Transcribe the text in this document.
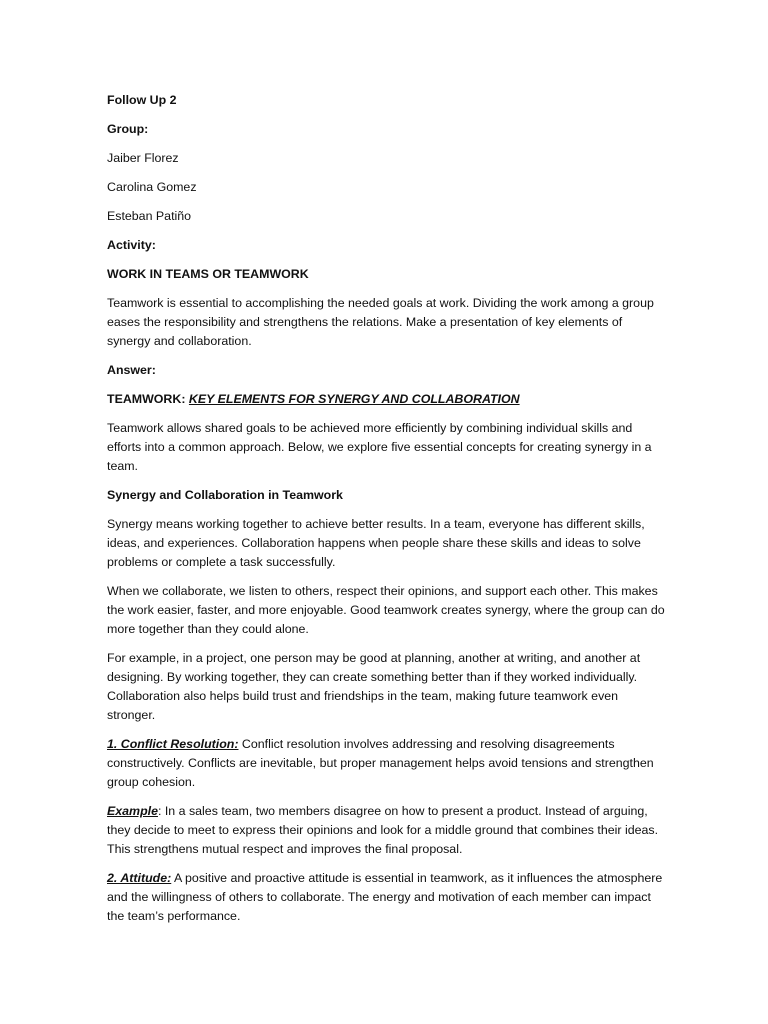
Follow Up 2

Group:

Jaiber Florez

Carolina Gomez

Esteban Patiño

Activity:

WORK IN TEAMS OR TEAMWORK

Teamwork is essential to accomplishing the needed goals at work. Dividing the work among a group eases the responsibility and strengthens the relations. Make a presentation of key elements of synergy and collaboration.

Answer:

TEAMWORK: KEY ELEMENTS FOR SYNERGY AND COLLABORATION

Teamwork allows shared goals to be achieved more efficiently by combining individual skills and efforts into a common approach. Below, we explore five essential concepts for creating synergy in a team.

Synergy and Collaboration in Teamwork

Synergy means working together to achieve better results. In a team, everyone has different skills, ideas, and experiences. Collaboration happens when people share these skills and ideas to solve problems or complete a task successfully.

When we collaborate, we listen to others, respect their opinions, and support each other. This makes the work easier, faster, and more enjoyable. Good teamwork creates synergy, where the group can do more together than they could alone.

For example, in a project, one person may be good at planning, another at writing, and another at designing. By working together, they can create something better than if they worked individually. Collaboration also helps build trust and friendships in the team, making future teamwork even stronger.

1. Conflict Resolution: Conflict resolution involves addressing and resolving disagreements constructively. Conflicts are inevitable, but proper management helps avoid tensions and strengthen group cohesion.

Example: In a sales team, two members disagree on how to present a product. Instead of arguing, they decide to meet to express their opinions and look for a middle ground that combines their ideas. This strengthens mutual respect and improves the final proposal.

2. Attitude: A positive and proactive attitude is essential in teamwork, as it influences the atmosphere and the willingness of others to collaborate. The energy and motivation of each member can impact the team’s performance.
